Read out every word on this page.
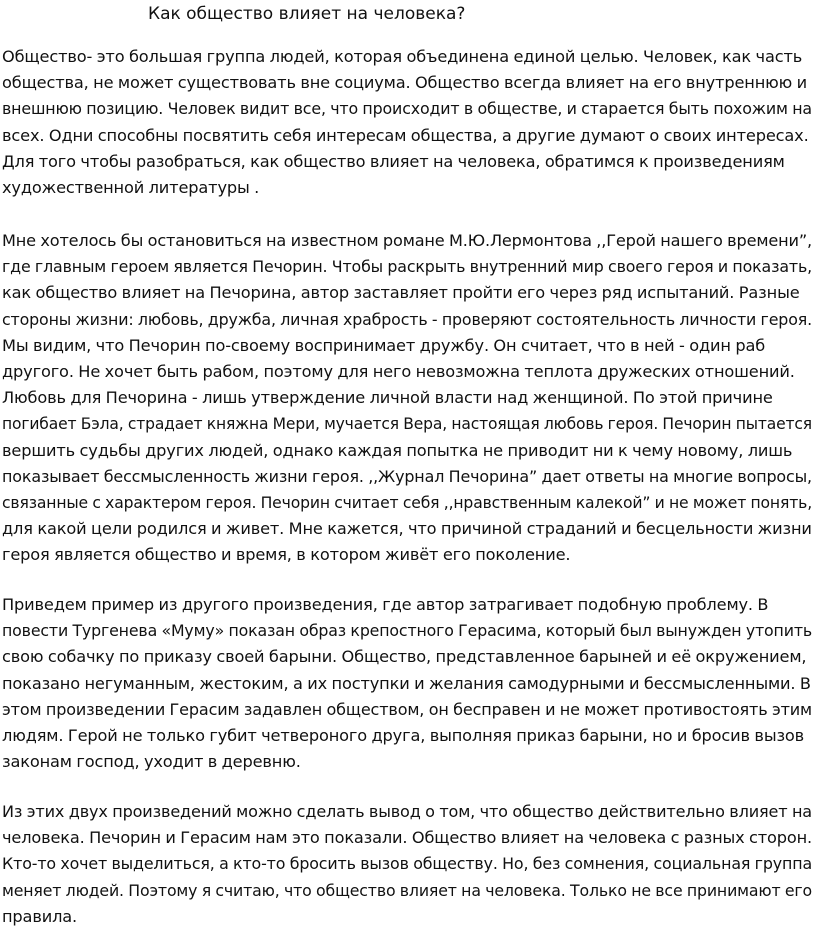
Как общество влияет на человека?

Общество- это большая группа людей, которая объединена единой целью. Человек, как часть
общества, не может существовать вне социума. Общество всегда влияет на его внутреннюю и
внешнюю позицию. Человек видит все, что происходит в обществе, и старается быть похожим на
всех. Одни способны посвятить себя интересам общества, а другие думают о своих интересах.
Для того чтобы разобраться, как общество влияет на человека, обратимся к произведениям
художественной литературы .

Мне хотелось бы остановиться на известном романе М.Ю.Лермонтова ,,Герой нашего времени”,
где главным героем является Печорин. Чтобы раскрыть внутренний мир своего героя и показать,
как общество влияет на Печорина, автор заставляет пройти его через ряд испытаний. Разные
стороны жизни: любовь, дружба, личная храбрость - проверяют состоятельность личности героя.
Мы видим, что Печорин по-своему воспринимает дружбу. Он считает, что в ней - один раб
другого. Не хочет быть рабом, поэтому для него невозможна теплота дружеских отношений.
Любовь для Печорина - лишь утверждение личной власти над женщиной. По этой причине
погибает Бэла, страдает княжна Мери, мучается Вера, настоящая любовь героя. Печорин пытается
вершить судьбы других людей, однако каждая попытка не приводит ни к чему новому, лишь
показывает бессмысленность жизни героя. ,,Журнал Печорина” дает ответы на многие вопросы,
связанные с характером героя. Печорин считает себя ,,нравственным калекой” и не может понять,
для какой цели родился и живет. Мне кажется, что причиной страданий и бесцельности жизни
героя является общество и время, в котором живёт его поколение.

Приведем пример из другого произведения, где автор затрагивает подобную проблему. В
повести Тургенева «Муму» показан образ крепостного Герасима, который был вынужден утопить
свою собачку по приказу своей барыни. Общество, представленное барыней и её окружением,
показано негуманным, жестоким, а их поступки и желания самодурными и бессмысленными. В
этом произведении Герасим задавлен обществом, он бесправен и не может противостоять этим
людям. Герой не только губит четвероного друга, выполняя приказ барыни, но и бросив вызов
законам господ, уходит в деревню.

Из этих двух произведений можно сделать вывод о том, что общество действительно влияет на
человека. Печорин и Герасим нам это показали. Общество влияет на человека с разных сторон.
Кто-то хочет выделиться, а кто-то бросить вызов обществу. Но, без сомнения, социальная группа
меняет людей. Поэтому я считаю, что общество влияет на человека. Только не все принимают его
правила.
